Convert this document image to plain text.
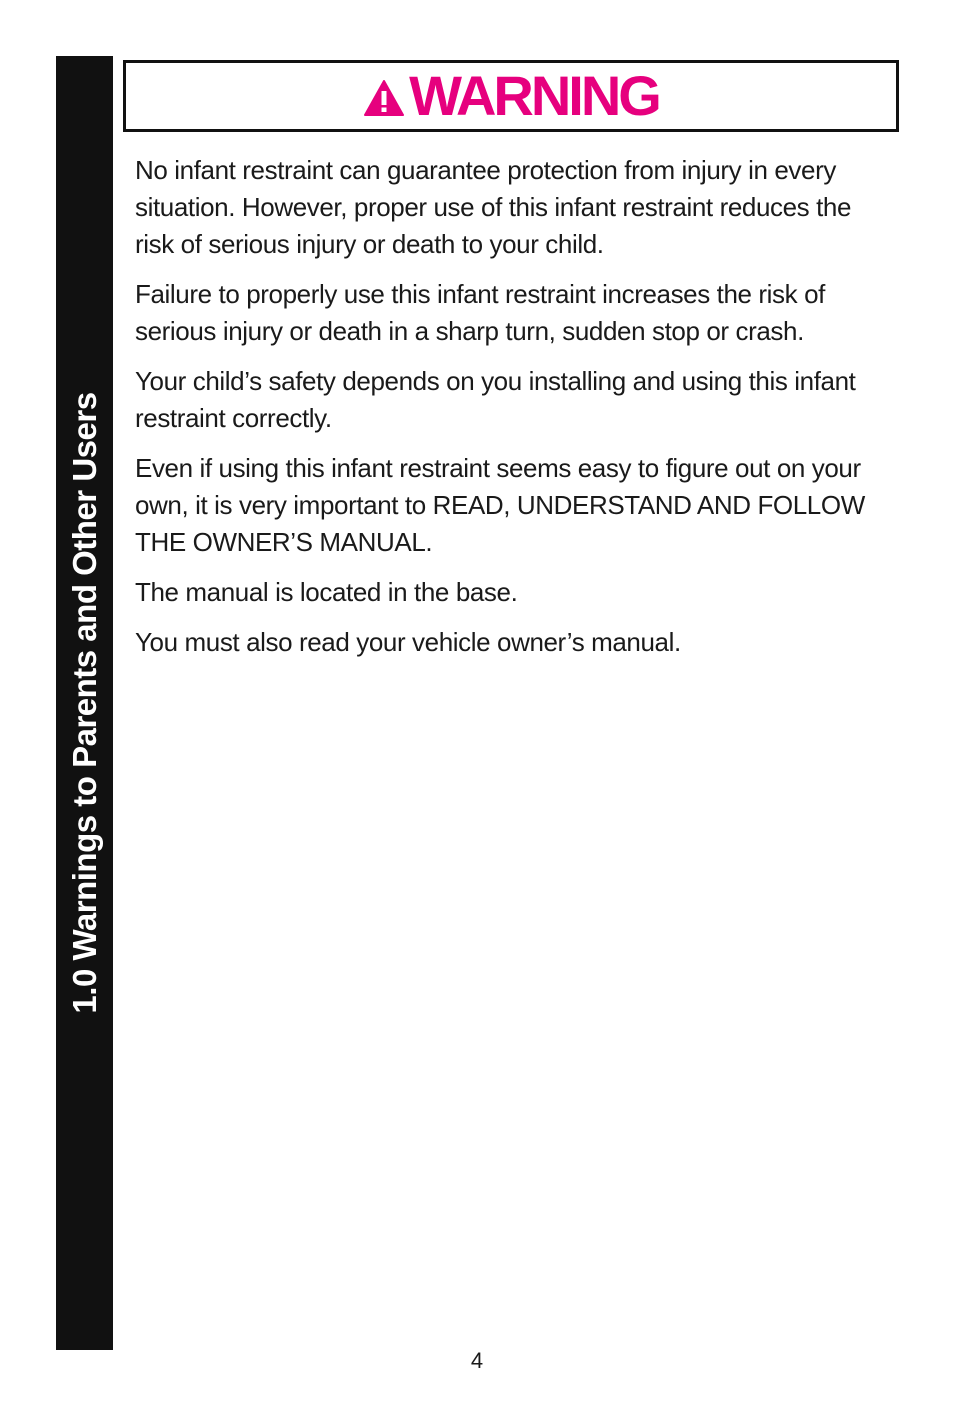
1.0 Warnings to Parents and Other Users
WARNING

No infant restraint can guarantee protection from injury in every situation. However, proper use of this infant restraint reduces the risk of serious injury or death to your child.

Failure to properly use this infant restraint increases the risk of serious injury or death in a sharp turn, sudden stop or crash.

Your child’s safety depends on you installing and using this infant restraint correctly.

Even if using this infant restraint seems easy to figure out on your own, it is very important to READ, UNDERSTAND AND FOLLOW THE OWNER’S MANUAL.

The manual is located in the base.

You must also read your vehicle owner’s manual.

4
